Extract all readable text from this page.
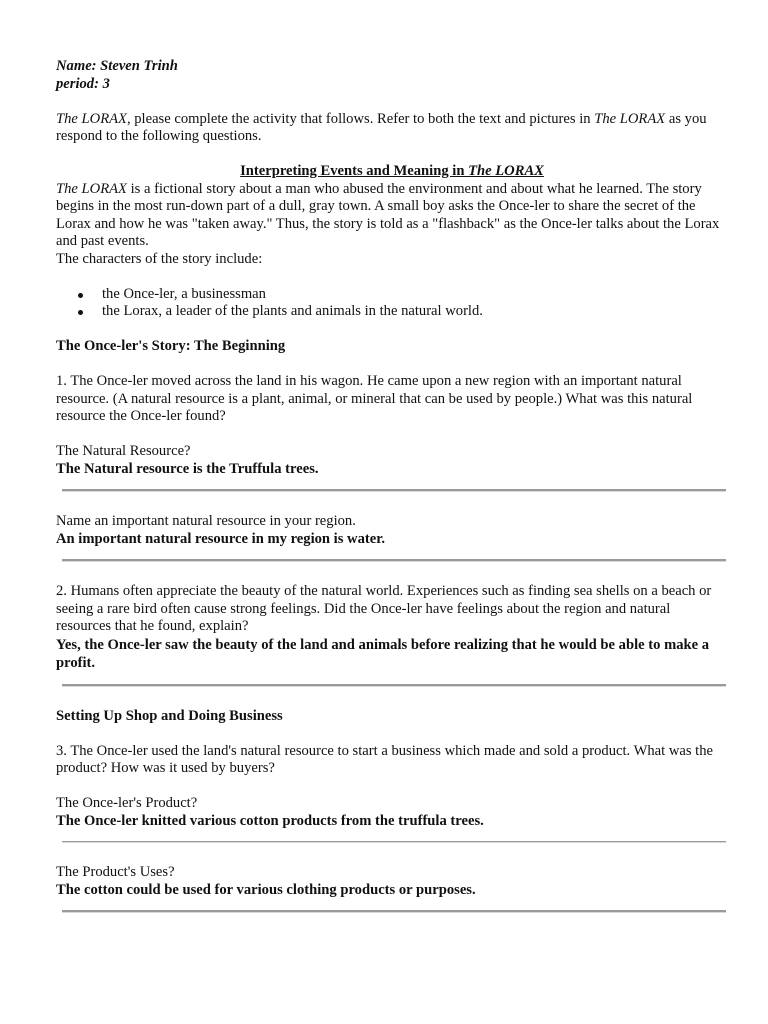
Name: Steven Trinh

period: 3

The LORAX, please complete the activity that follows. Refer to both the text and pictures in The LORAX as you respond to the following questions.

Interpreting Events and Meaning in The LORAX

The LORAX is a fictional story about a man who abused the environment and about what he learned. The story begins in the most run-down part of a dull, gray town. A small boy asks the Once-ler to share the secret of the Lorax and how he was "taken away." Thus, the story is told as a "flashback" as the Once-ler talks about the Lorax and past events.

The characters of the story include:

the Once-ler, a businessman
the Lorax, a leader of the plants and animals in the natural world.

The Once-ler's Story: The Beginning

1. The Once-ler moved across the land in his wagon. He came upon a new region with an important natural resource. (A natural resource is a plant, animal, or mineral that can be used by people.) What was this natural resource the Once-ler found?

The Natural Resource?

The Natural resource is the Truffula trees.

Name an important natural resource in your region.

An important natural resource in my region is water.

2. Humans often appreciate the beauty of the natural world. Experiences such as finding sea shells on a beach or seeing a rare bird often cause strong feelings. Did the Once-ler have feelings about the region and natural resources that he found, explain?

Yes, the Once-ler saw the beauty of the land and animals before realizing that he would be able to make a profit.

Setting Up Shop and Doing Business

3. The Once-ler used the land's natural resource to start a business which made and sold a product. What was the product? How was it used by buyers?

The Once-ler's Product?

The Once-ler knitted various cotton products from the truffula trees.

The Product's Uses?

The cotton could be used for various clothing products or purposes.
